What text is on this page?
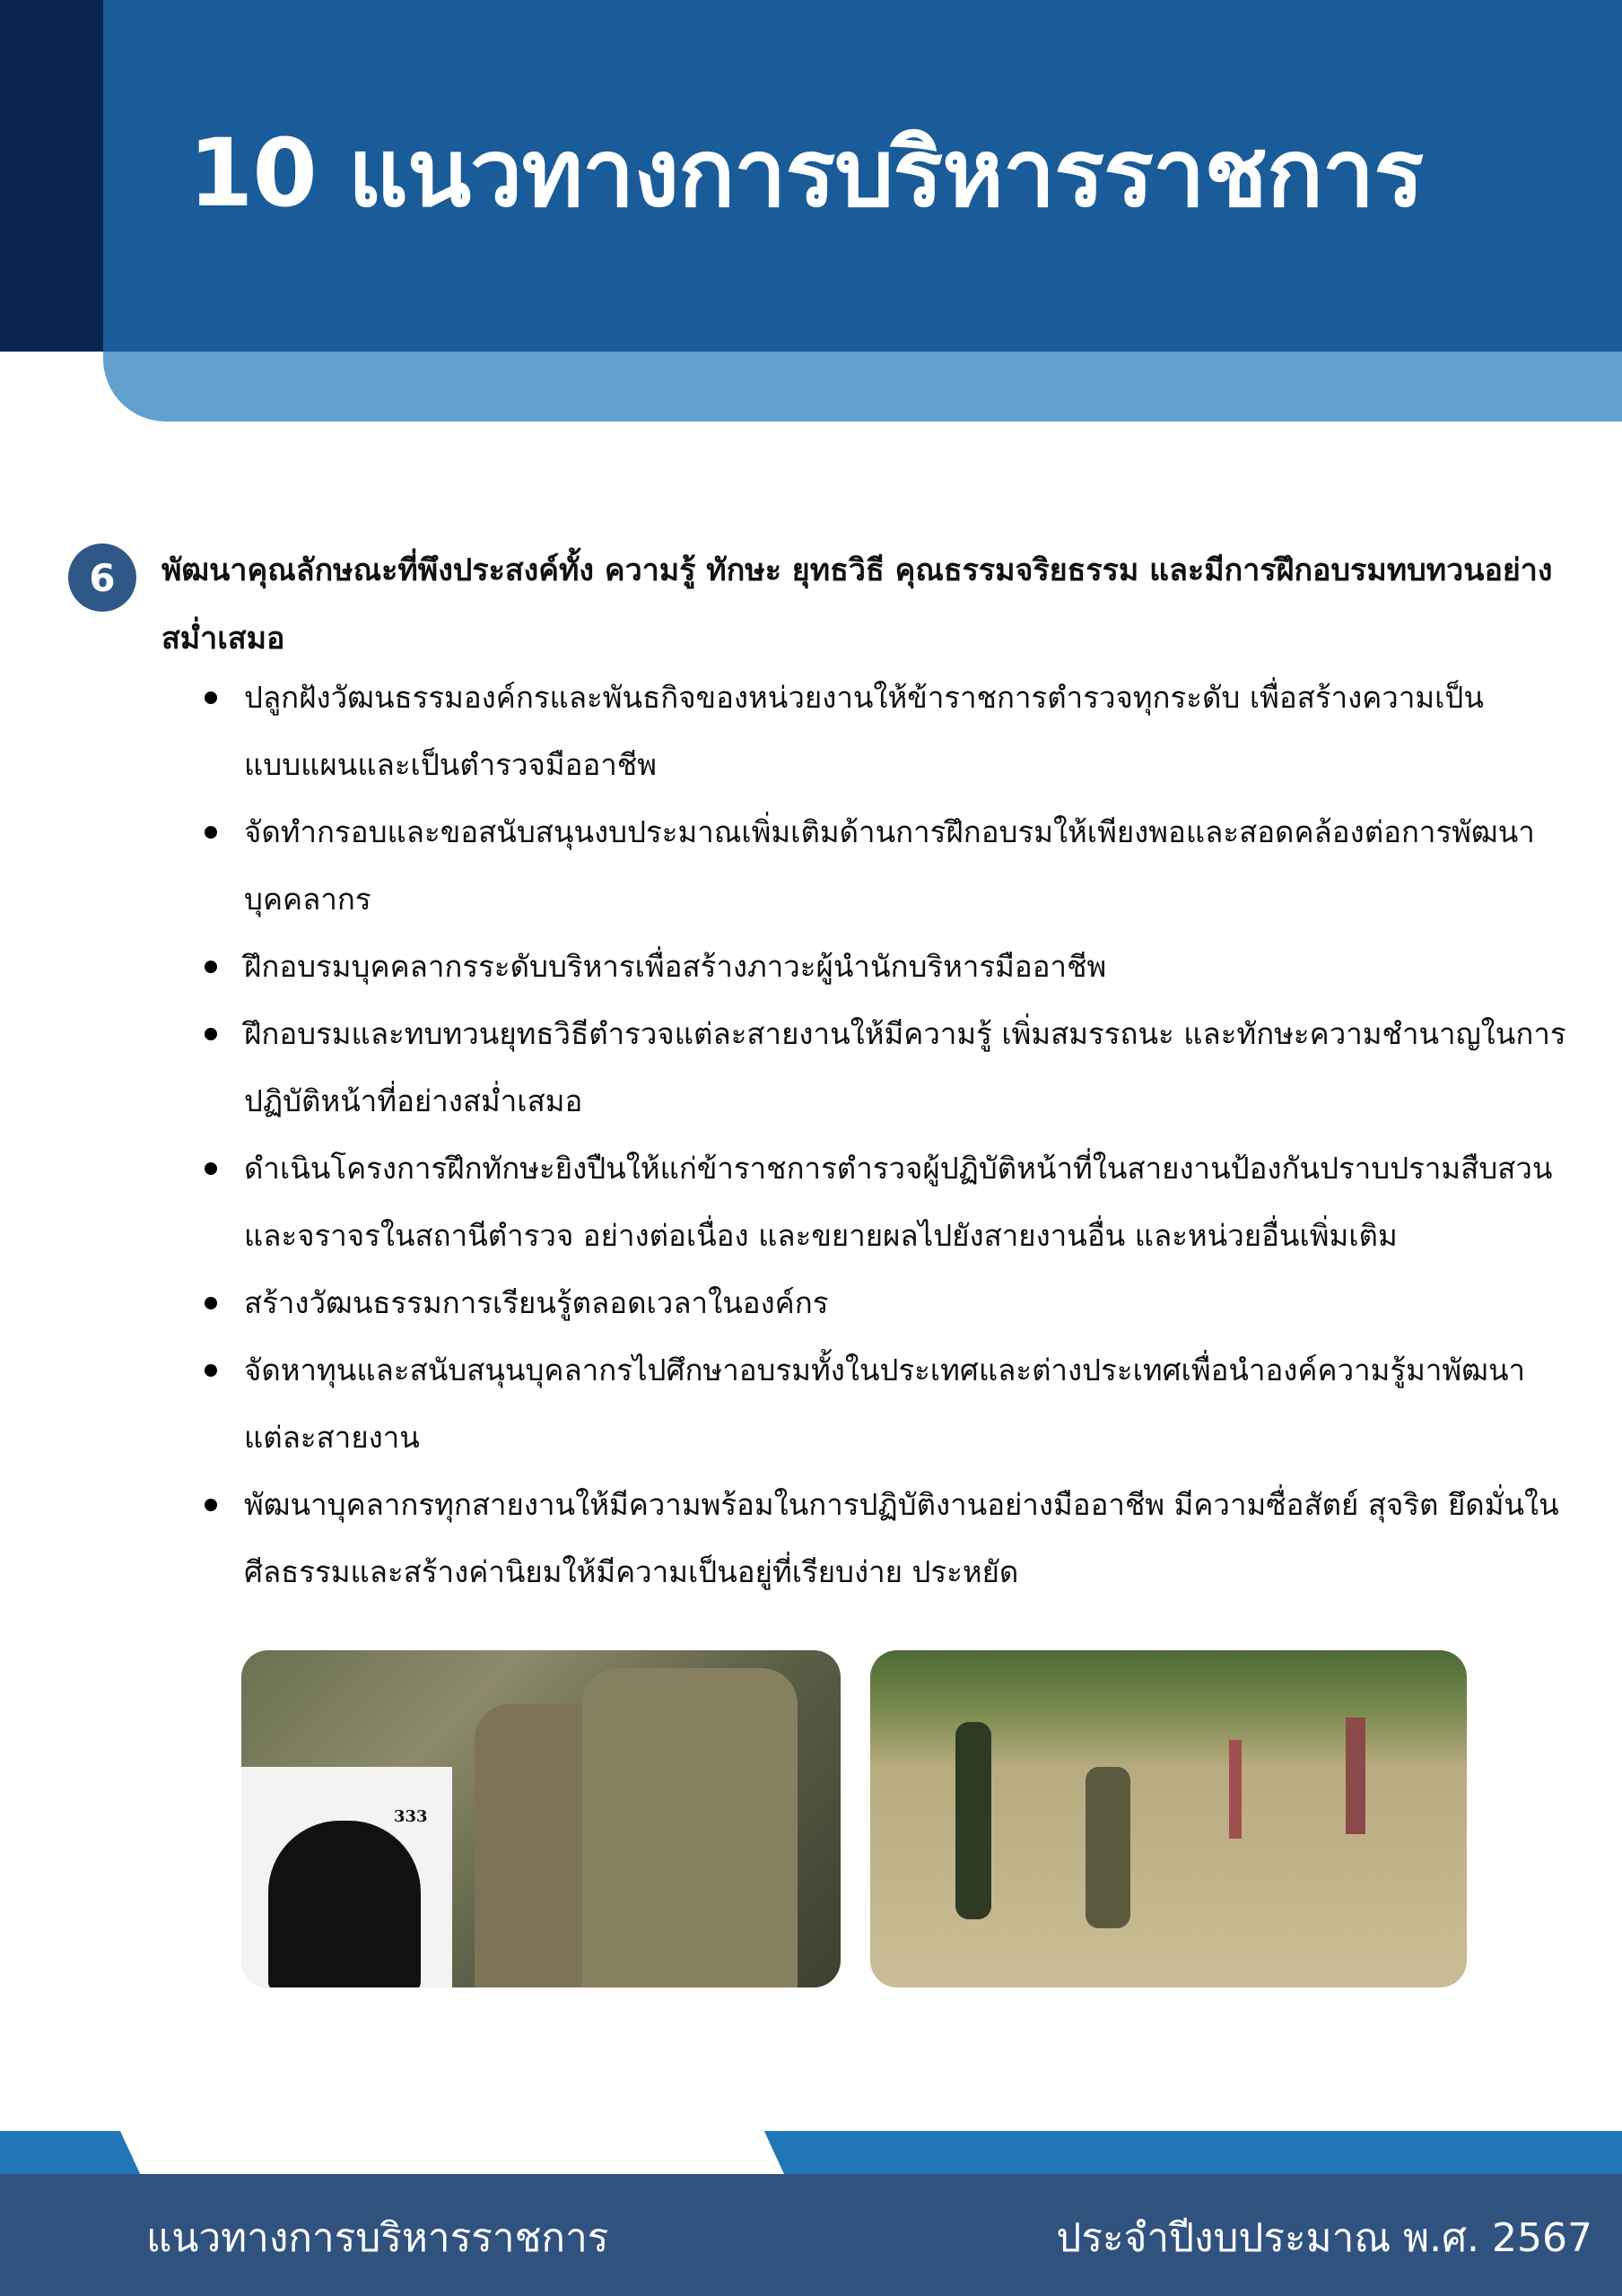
10 แนวทางการบริหารราชการ
6	พัฒนาคุณลักษณะที่พึงประสงค์ทั้ง ความรู้ ทักษะ ยุทธวิธี คุณธรรมจริยธรรม และมีการฝึกอบรมทบทวนอย่างสม่ำเสมอ
ปลูกฝังวัฒนธรรมองค์กรและพันธกิจของหน่วยงานให้ข้าราชการตำรวจทุกระดับ เพื่อสร้างความเป็นแบบแผนและเป็นตำรวจมืออาชีพ
จัดทำกรอบและขอสนับสนุนงบประมาณเพิ่มเติมด้านการฝึกอบรมให้เพียงพอและสอดคล้องต่อการพัฒนาบุคคลากร
ฝึกอบรมบุคคลากรระดับบริหารเพื่อสร้างภาวะผู้นำนักบริหารมืออาชีพ
ฝึกอบรมและทบทวนยุทธวิธีตำรวจแต่ละสายงานให้มีความรู้ เพิ่มสมรรถนะ และทักษะความชำนาญในการปฏิบัติหน้าที่อย่างสม่ำเสมอ
ดำเนินโครงการฝึกทักษะยิงปืนให้แก่ข้าราชการตำรวจผู้ปฏิบัติหน้าที่ในสายงานป้องกันปราบปรามสืบสวน และจราจรในสถานีตำรวจ อย่างต่อเนื่อง และขยายผลไปยังสายงานอื่น และหน่วยอื่นเพิ่มเติม
สร้างวัฒนธรรมการเรียนรู้ตลอดเวลาในองค์กร
จัดหาทุนและสนับสนุนบุคลากรไปศึกษาอบรมทั้งในประเทศและต่างประเทศเพื่อนำองค์ความรู้มาพัฒนาแต่ละสายงาน
พัฒนาบุคลากรทุกสายงานให้มีความพร้อมในการปฏิบัติงานอย่างมืออาชีพ มีความซื่อสัตย์ สุจริต ยึดมั่นในศีลธรรมและสร้างค่านิยมให้มีความเป็นอยู่ที่เรียบง่าย ประหยัด
333
แนวทางการบริหารราชการ	ประจำปีงบประมาณ พ.ศ. 2567
